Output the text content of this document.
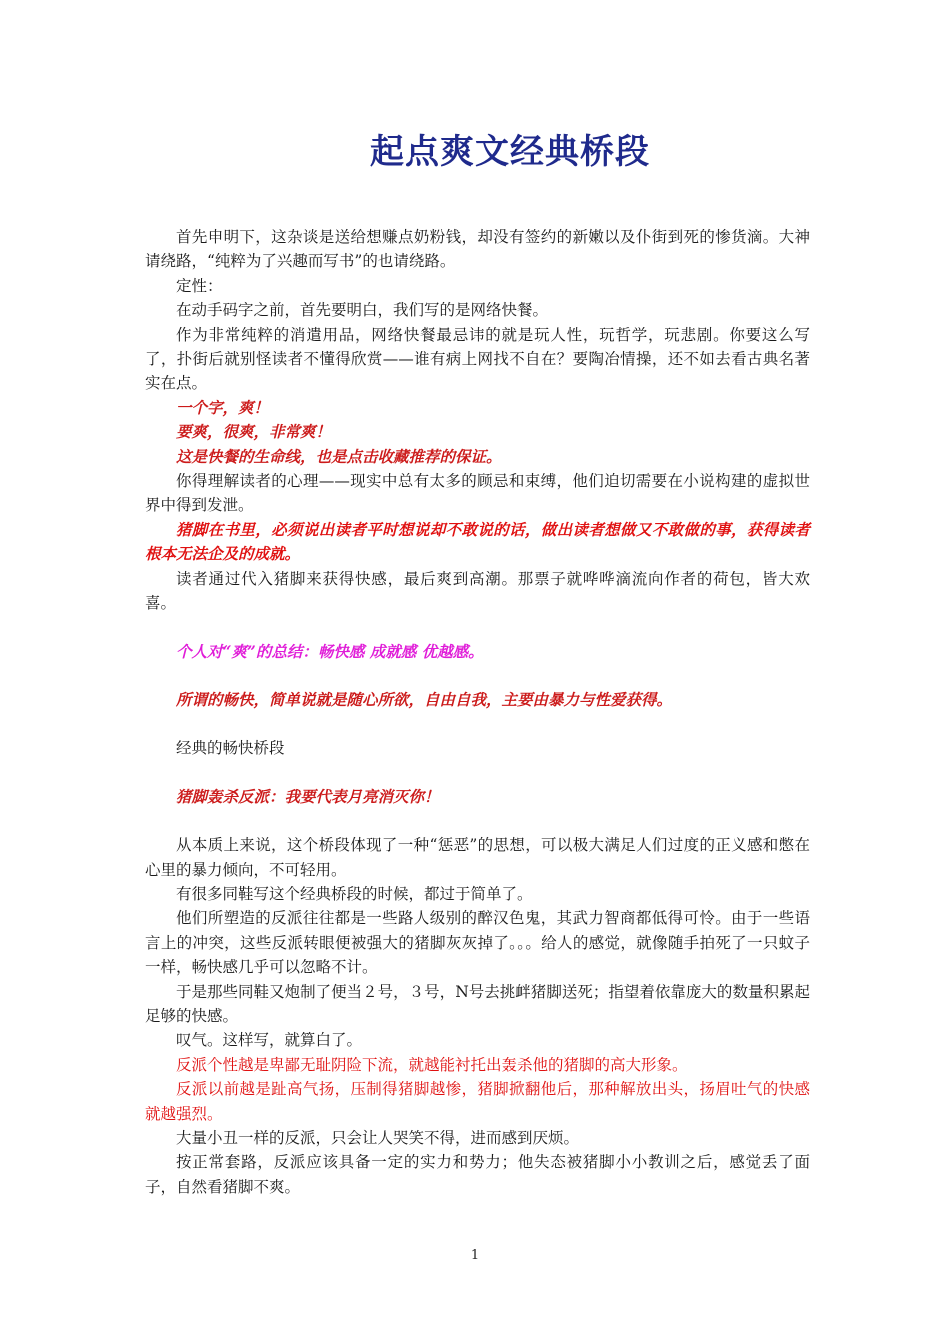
起点爽文经典桥段

首先申明下，这杂谈是送给想赚点奶粉钱，却没有签约的新嫩以及仆街到死的惨货滴。大神请绕路，“纯粹为了兴趣而写书”的也请绕路。

定性：

在动手码字之前，首先要明白，我们写的是网络快餐。

作为非常纯粹的消遣用品，网络快餐最忌讳的就是玩人性，玩哲学，玩悲剧。你要这么写了，扑街后就别怪读者不懂得欣赏——谁有病上网找不自在？要陶冶情操，还不如去看古典名著实在点。

一个字，爽！

要爽，很爽，非常爽！

这是快餐的生命线，也是点击收藏推荐的保证。

你得理解读者的心理——现实中总有太多的顾忌和束缚，他们迫切需要在小说构建的虚拟世界中得到发泄。

猪脚在书里，必须说出读者平时想说却不敢说的话，做出读者想做又不敢做的事，获得读者根本无法企及的成就。

读者通过代入猪脚来获得快感，最后爽到高潮。那票子就哗哗滴流向作者的荷包，皆大欢喜。

个人对“爽”的总结：畅快感 成就感 优越感。

所谓的畅快，简单说就是随心所欲，自由自我，主要由暴力与性爱获得。

经典的畅快桥段

猪脚轰杀反派：我要代表月亮消灭你！

从本质上来说，这个桥段体现了一种“惩恶”的思想，可以极大满足人们过度的正义感和憋在心里的暴力倾向，不可轻用。

有很多同鞋写这个经典桥段的时候，都过于简单了。

他们所塑造的反派往往都是一些路人级别的醉汉色鬼，其武力智商都低得可怜。由于一些语言上的冲突，这些反派转眼便被强大的猪脚灰灰掉了。。。给人的感觉，就像随手拍死了一只蚊子一样，畅快感几乎可以忽略不计。

于是那些同鞋又炮制了便当２号，３号，N号去挑衅猪脚送死；指望着依靠庞大的数量积累起足够的快感。

叹气。这样写，就算白了。

反派个性越是卑鄙无耻阴险下流，就越能衬托出轰杀他的猪脚的高大形象。

反派以前越是趾高气扬，压制得猪脚越惨，猪脚掀翻他后，那种解放出头，扬眉吐气的快感就越强烈。

大量小丑一样的反派，只会让人哭笑不得，进而感到厌烦。

按正常套路，反派应该具备一定的实力和势力；他失态被猪脚小小教训之后，感觉丢了面子，自然看猪脚不爽。

1
